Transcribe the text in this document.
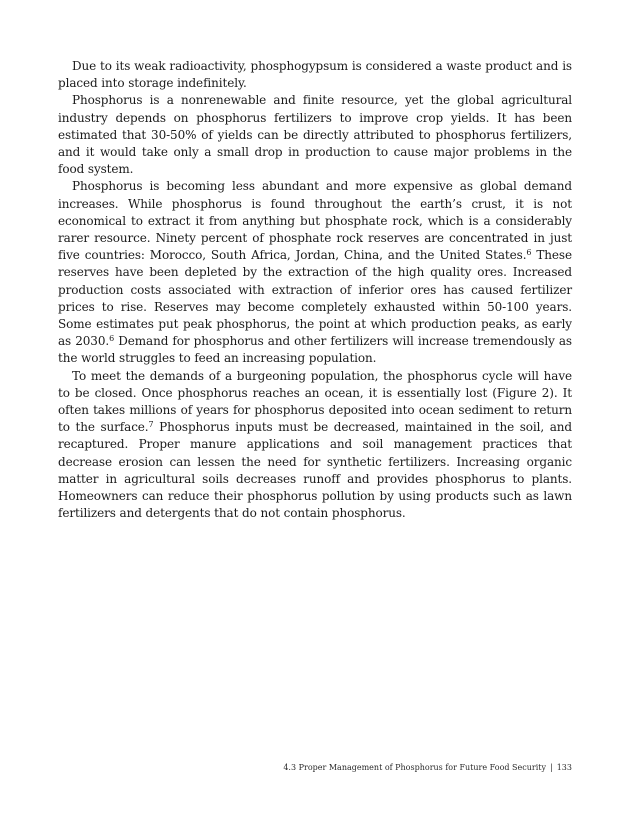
Due to its weak radioactivity, phosphogypsum is considered a waste product and is placed into storage indefinitely.

Phosphorus is a nonrenewable and finite resource, yet the global agricultural industry depends on phosphorus fertilizers to improve crop yields. It has been estimated that 30-50% of yields can be directly attributed to phosphorus fertilizers, and it would take only a small drop in production to cause major problems in the food system.

Phosphorus is becoming less abundant and more expensive as global demand increases. While phosphorus is found throughout the earth’s crust, it is not economical to extract it from anything but phosphate rock, which is a considerably rarer resource. Ninety percent of phosphate rock reserves are concentrated in just five countries: Morocco, South Africa, Jordan, China, and the United States.$^6$ These reserves have been depleted by the extraction of the high quality ores. Increased production costs associated with extraction of inferior ores has caused fertilizer prices to rise. Reserves may become completely exhausted within 50-100 years. Some estimates put peak phosphorus, the point at which production peaks, as early as 2030.$^6$ Demand for phosphorus and other fertilizers will increase tremendously as the world struggles to feed an increasing population.

To meet the demands of a burgeoning population, the phosphorus cycle will have to be closed. Once phosphorus reaches an ocean, it is essentially lost (Figure 2). It often takes millions of years for phosphorus deposited into ocean sediment to return to the surface.$^7$ Phosphorus inputs must be decreased, maintained in the soil, and recaptured. Proper manure applications and soil management practices that decrease erosion can lessen the need for synthetic fertilizers. Increasing organic matter in agricultural soils decreases runoff and provides phosphorus to plants. Homeowners can reduce their phosphorus pollution by using products such as lawn fertilizers and detergents that do not contain phosphorus.

4.3 Proper Management of Phosphorus for Future Food Security | 133
